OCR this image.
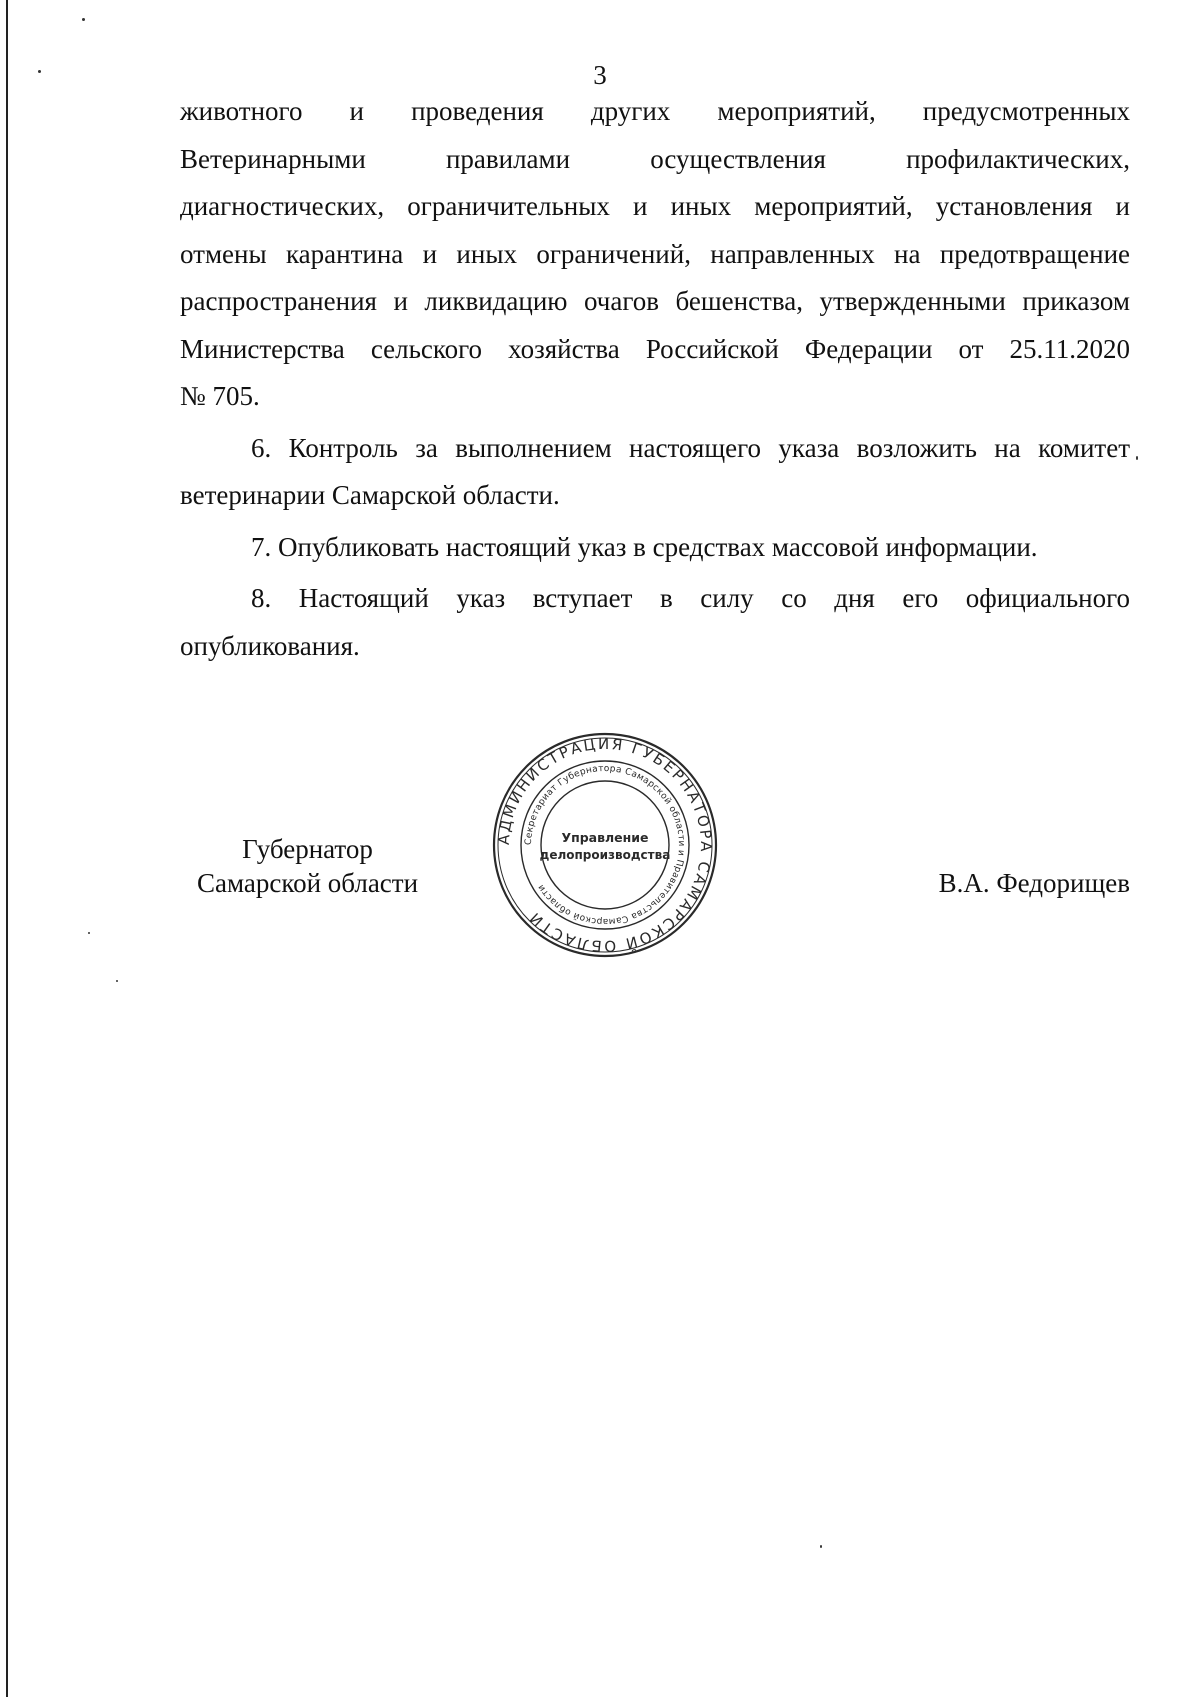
3

животного и проведения других мероприятий, предусмотренных
Ветеринарными правилами осуществления профилактических,
диагностических, ограничительных и иных мероприятий, установления и
отмены карантина и иных ограничений, направленных на предотвращение
распространения и ликвидацию очагов бешенства, утвержденными приказом
Министерства сельского хозяйства Российской Федерации от 25.11.2020
№ 705.

6. Контроль за выполнением настоящего указа возложить на комитет
ветеринарии Самарской области.

7. Опубликовать настоящий указ в средствах массовой информации.

8. Настоящий указ вступает в силу со дня его официального
опубликования.

Губернатор
Самарской области	В.А. Федорищев
АДМИНИСТРАЦИЯ ГУБЕРНАТОРА САМАРСКОЙ ОБЛАСТИ
Секретариат Губернатора Самарской области и Правительства Самарской области
Управление
делопроизводства
